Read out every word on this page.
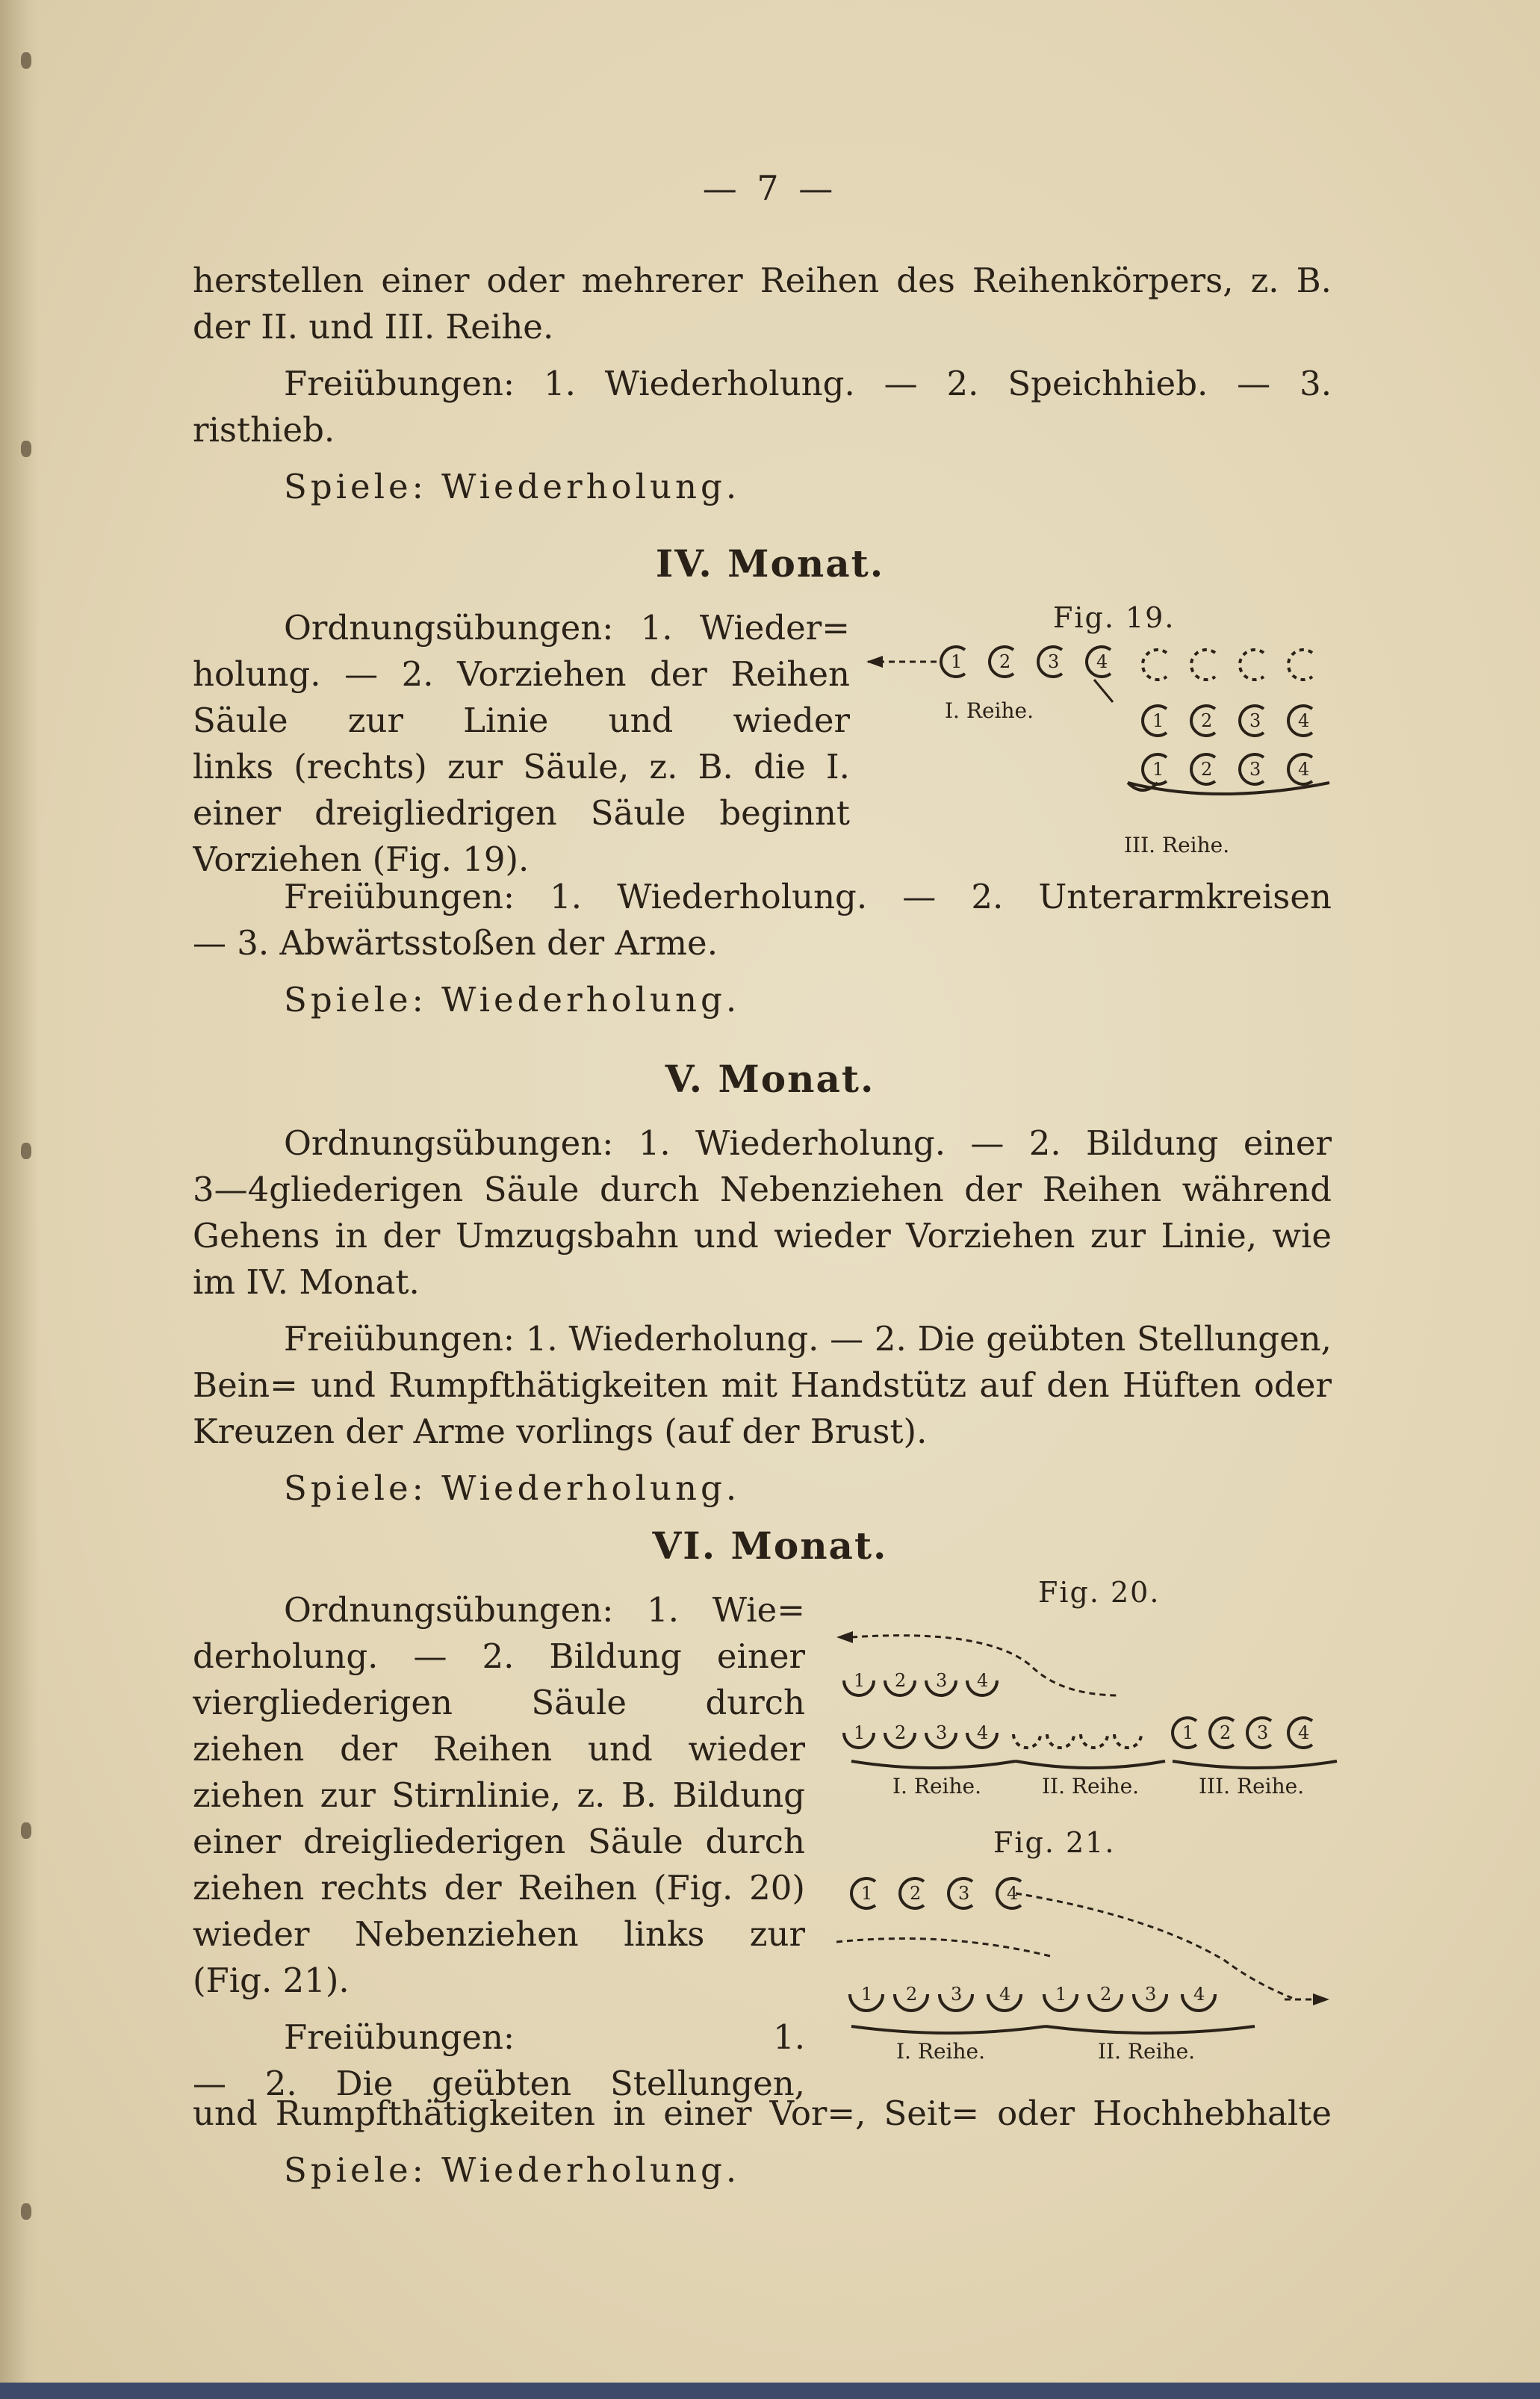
— 7 —
herstellen einer oder mehrerer Reihen des Reihenkörpers, z. B.
der II. und III. Reihe.
Freiübungen: 1. Wiederholung. — 2. Speichhieb. — 3.
risthieb.
Spiele: Wiederholung.
IV. Monat.
Ordnungsübungen: 1. Wieder=
holung. — 2. Vorziehen der Reihen
Säule zur Linie und wieder
links (rechts) zur Säule, z. B. die I.
einer dreigliedrigen Säule beginnt
Vorziehen (Fig. 19).
Freiübungen: 1. Wiederholung. — 2. Unterarmkreisen
— 3. Abwärtsstoßen der Arme.
Spiele: Wiederholung.
Fig. 19.
1 2 3 4
1 2 3 4
1 2 3 4
I. Reihe.
III. Reihe.
V. Monat.
Ordnungsübungen: 1. Wiederholung. — 2. Bildung einer
3—4gliederigen Säule durch Nebenziehen der Reihen während
Gehens in der Umzugsbahn und wieder Vorziehen zur Linie, wie
im IV. Monat.
Freiübungen: 1. Wiederholung. — 2. Die geübten Stellungen,
Bein= und Rumpfthätigkeiten mit Handstütz auf den Hüften oder
Kreuzen der Arme vorlings (auf der Brust).
Spiele: Wiederholung.
VI. Monat.
Ordnungsübungen: 1. Wie=
derholung. — 2. Bildung einer
viergliederigen Säule durch
ziehen der Reihen und wieder
ziehen zur Stirnlinie, z. B. Bildung
einer dreigliederigen Säule durch
ziehen rechts der Reihen (Fig. 20)
wieder Nebenziehen links zur
(Fig. 21).
Freiübungen: 1.
— 2. Die geübten Stellungen,
und Rumpfthätigkeiten in einer Vor=, Seit= oder Hochhebhalte
Spiele: Wiederholung.
Fig. 20.
1 2 3 4
1 2 3 4	1 2 3 4
I. Reihe.	II. Reihe.	III. Reihe.
Fig. 21.
1 2 3 4
1 2 3 4 1 2 3 4
I. Reihe.	II. Reihe.
